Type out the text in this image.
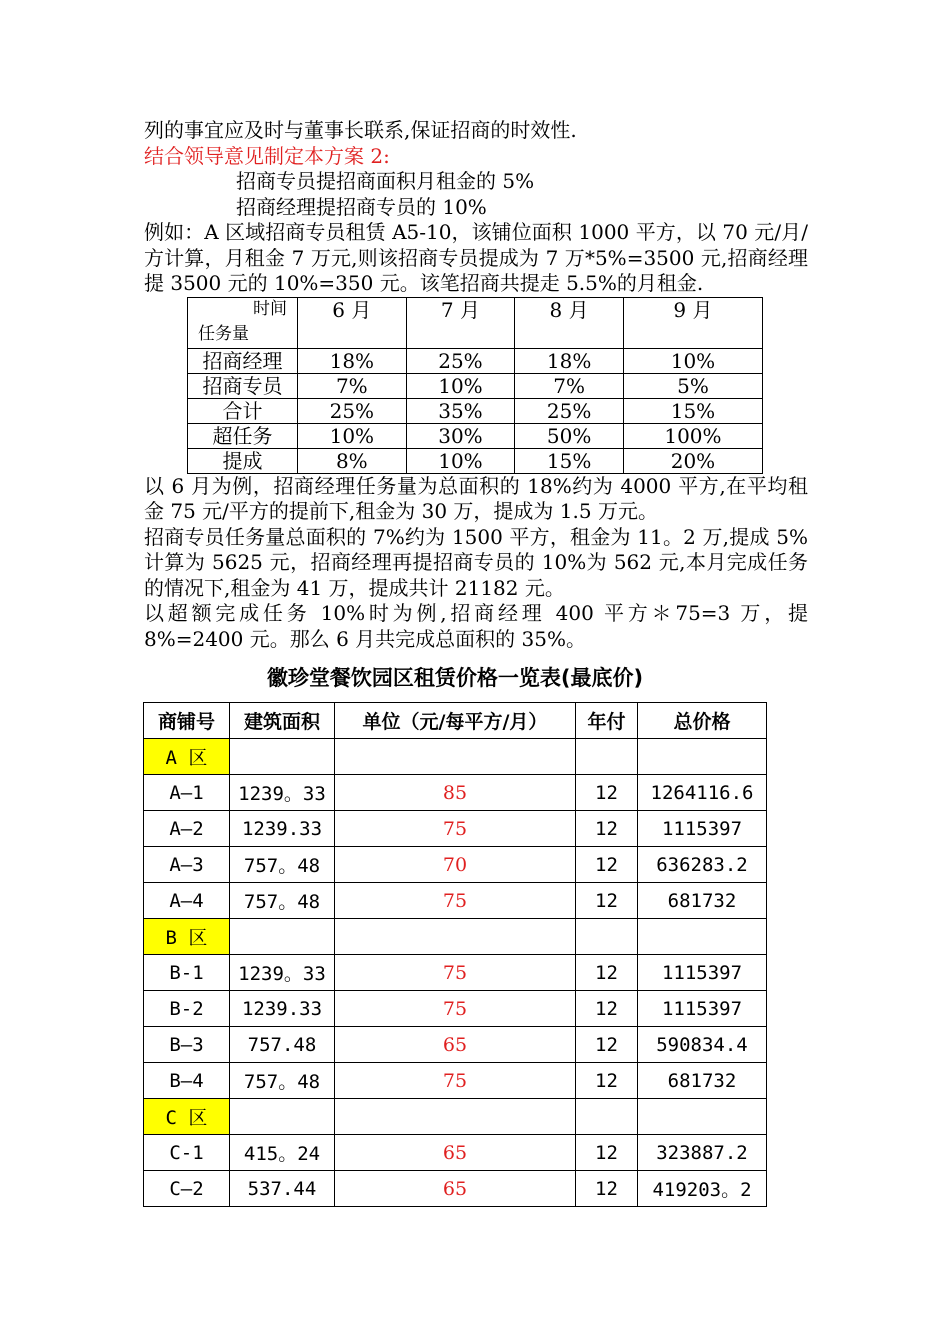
列的事宜应及时与董事长联系,保证招商的时效性.

结合领导意见制定本方案 2:

招商专员提招商面积月租金的 5%

招商经理提招商专员的 10%

例如：A 区域招商专员租赁 A5-10，该铺位面积 1000 平方，以 70 元/月/方计算，月租金 7 万元,则该招商专员提成为 7 万*5%=3500 元,招商经理提 3500 元的 10%=350 元。该笔招商共提走 5.5%的月租金.

时间
任务量	6 月	7 月	8 月	9 月
招商经理	18%	25%	18%	10%
招商专员	7%	10%	7%	5%
合计	25%	35%	25%	15%
超任务	10%	30%	50%	100%
提成	8%	10%	15%	20%

以 6 月为例，招商经理任务量为总面积的 18%约为 4000 平方,在平均租金 75 元/平方的提前下,租金为 30 万，提成为 1.5 万元。

招商专员任务量总面积的 7%约为 1500 平方，租金为 11。2 万,提成 5%计算为 5625 元，招商经理再提招商专员的 10%为 562 元,本月完成任务的情况下,租金为 41 万，提成共计 21182 元。

以超额完成任务 10%时为例,招商经理 400 平方＊75=3 万，提 8%=2400 元。那么 6 月共完成总面积的 35%。

徽珍堂餐饮园区租赁价格一览表(最底价)
商铺号	建筑面积	单位（元/每平方/月）	年付	总价格
A 区				
A—1	1239。33	85	12	1264116.6
A—2	1239.33	75	12	1115397
A—3	757。48	70	12	636283.2
A—4	757。48	75	12	681732
B 区				
B-1	1239。33	75	12	1115397
B-2	1239.33	75	12	1115397
B—3	757.48	65	12	590834.4
B—4	757。48	75	12	681732
C 区				
C-1	415。24	65	12	323887.2
C—2	537.44	65	12	419203。2
